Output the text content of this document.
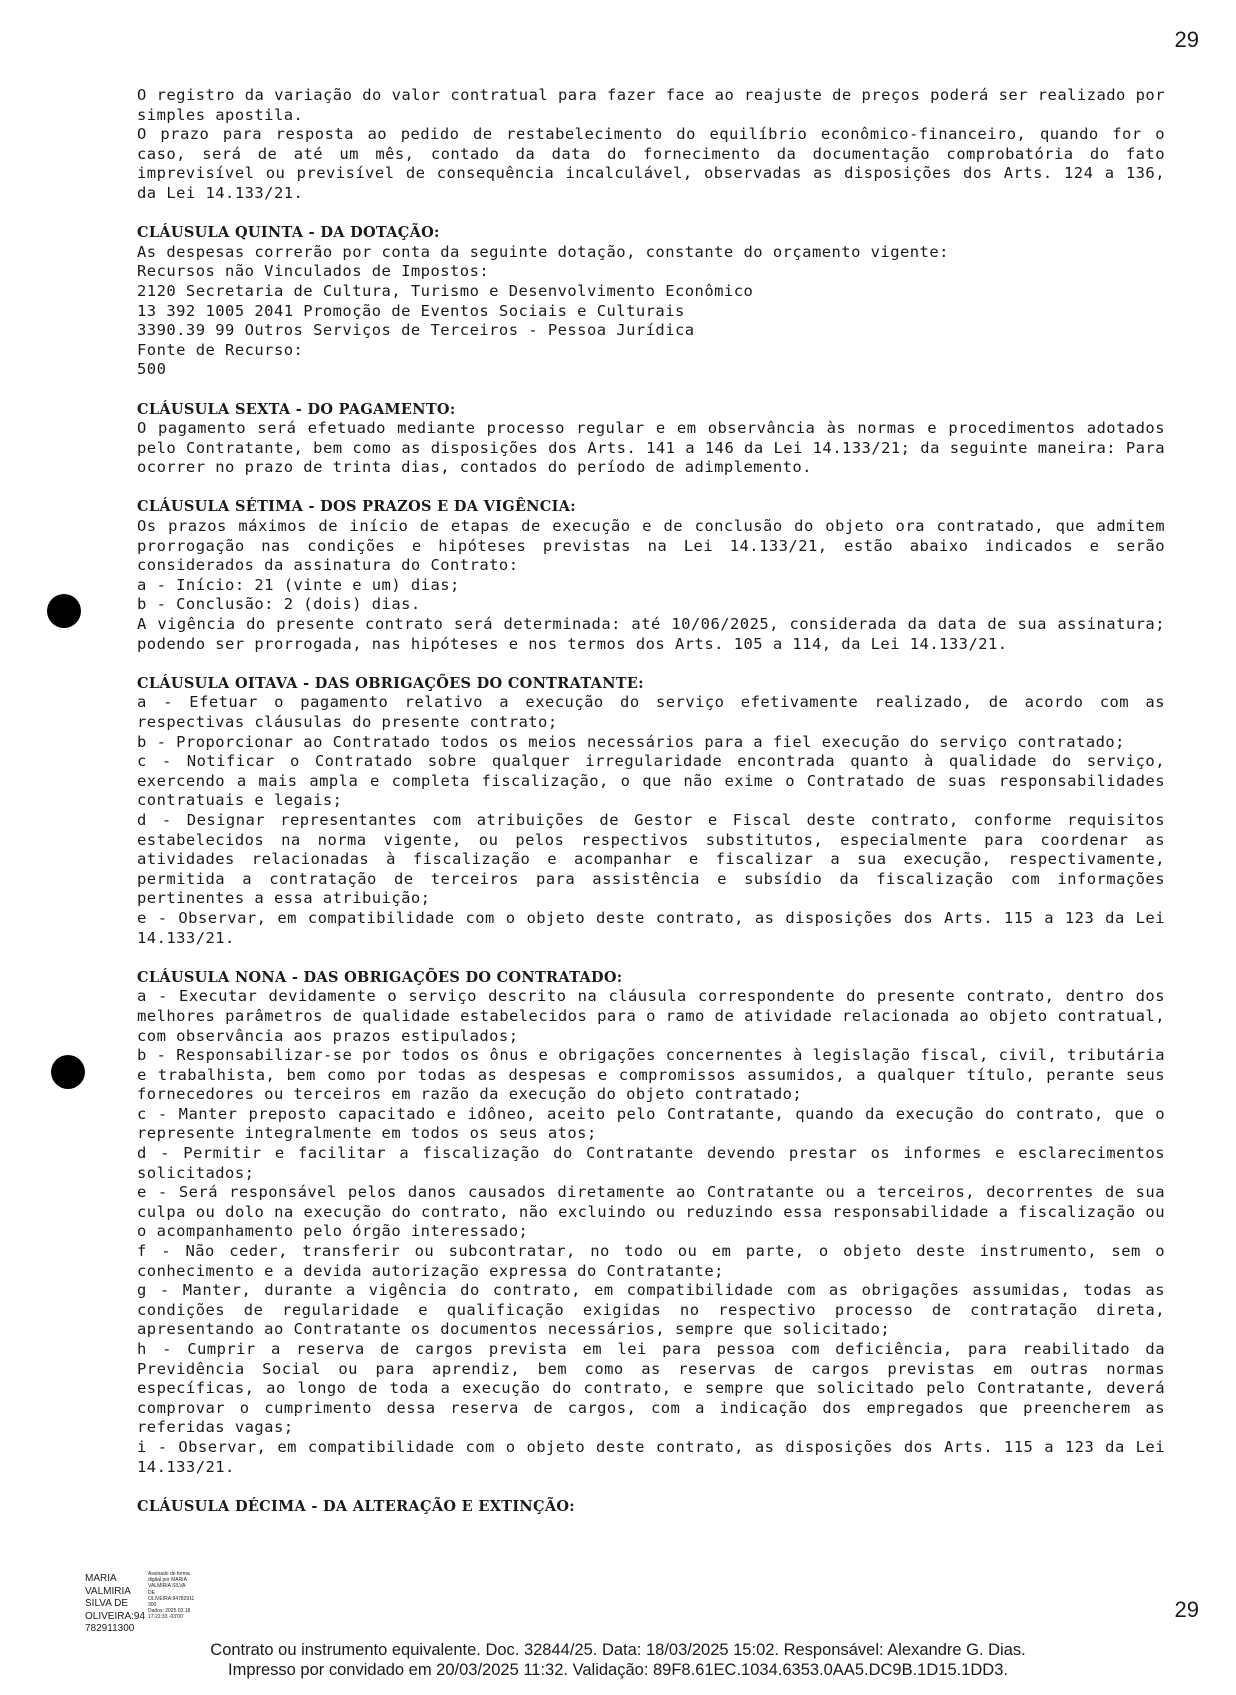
29

O registro da variação do valor contratual para fazer face ao reajuste de preços poderá ser realizado por simples apostila.

O prazo para resposta ao pedido de restabelecimento do equilíbrio econômico-financeiro, quando for o caso, será de até um mês, contado da data do fornecimento da documentação comprobatória do fato imprevisível ou previsível de consequência incalculável, observadas as disposições dos Arts. 124 a 136, da Lei 14.133/21.

CLÁUSULA QUINTA - DA DOTAÇÃO:

As despesas correrão por conta da seguinte dotação, constante do orçamento vigente:

Recursos não Vinculados de Impostos:

2120 Secretaria de Cultura, Turismo e Desenvolvimento Econômico

13 392 1005 2041 Promoção de Eventos Sociais e Culturais

3390.39 99 Outros Serviços de Terceiros - Pessoa Jurídica

Fonte de Recurso:

500

CLÁUSULA SEXTA - DO PAGAMENTO:

O pagamento será efetuado mediante processo regular e em observância às normas e procedimentos adotados pelo Contratante, bem como as disposições dos Arts. 141 a 146 da Lei 14.133/21; da seguinte maneira: Para ocorrer no prazo de trinta dias, contados do período de adimplemento.

CLÁUSULA SÉTIMA - DOS PRAZOS E DA VIGÊNCIA:

Os prazos máximos de início de etapas de execução e de conclusão do objeto ora contratado, que admitem prorrogação nas condições e hipóteses previstas na Lei 14.133/21, estão abaixo indicados e serão considerados da assinatura do Contrato:

a - Início: 21 (vinte e um) dias;

b - Conclusão: 2 (dois) dias.

A vigência do presente contrato será determinada: até 10/06/2025, considerada da data de sua assinatura; podendo ser prorrogada, nas hipóteses e nos termos dos Arts. 105 a 114, da Lei 14.133/21.

CLÁUSULA OITAVA - DAS OBRIGAÇÕES DO CONTRATANTE:

a - Efetuar o pagamento relativo a execução do serviço efetivamente realizado, de acordo com as respectivas cláusulas do presente contrato;

b - Proporcionar ao Contratado todos os meios necessários para a fiel execução do serviço contratado;

c - Notificar o Contratado sobre qualquer irregularidade encontrada quanto à qualidade do serviço, exercendo a mais ampla e completa fiscalização, o que não exime o Contratado de suas responsabilidades contratuais e legais;

d - Designar representantes com atribuições de Gestor e Fiscal deste contrato, conforme requisitos estabelecidos na norma vigente, ou pelos respectivos substitutos, especialmente para coordenar as atividades relacionadas à fiscalização e acompanhar e fiscalizar a sua execução, respectivamente, permitida a contratação de terceiros para assistência e subsídio da fiscalização com informações pertinentes a essa atribuição;

e - Observar, em compatibilidade com o objeto deste contrato, as disposições dos Arts. 115 a 123 da Lei 14.133/21.

CLÁUSULA NONA - DAS OBRIGAÇÕES DO CONTRATADO:

a - Executar devidamente o serviço descrito na cláusula correspondente do presente contrato, dentro dos melhores parâmetros de qualidade estabelecidos para o ramo de atividade relacionada ao objeto contratual, com observância aos prazos estipulados;

b - Responsabilizar-se por todos os ônus e obrigações concernentes à legislação fiscal, civil, tributária e trabalhista, bem como por todas as despesas e compromissos assumidos, a qualquer título, perante seus fornecedores ou terceiros em razão da execução do objeto contratado;

c - Manter preposto capacitado e idôneo, aceito pelo Contratante, quando da execução do contrato, que o represente integralmente em todos os seus atos;

d - Permitir e facilitar a fiscalização do Contratante devendo prestar os informes e esclarecimentos solicitados;

e - Será responsável pelos danos causados diretamente ao Contratante ou a terceiros, decorrentes de sua culpa ou dolo na execução do contrato, não excluindo ou reduzindo essa responsabilidade a fiscalização ou o acompanhamento pelo órgão interessado;

f - Não ceder, transferir ou subcontratar, no todo ou em parte, o objeto deste instrumento, sem o conhecimento e a devida autorização expressa do Contratante;

g - Manter, durante a vigência do contrato, em compatibilidade com as obrigações assumidas, todas as condições de regularidade e qualificação exigidas no respectivo processo de contratação direta, apresentando ao Contratante os documentos necessários, sempre que solicitado;

h - Cumprir a reserva de cargos prevista em lei para pessoa com deficiência, para reabilitado da Previdência Social ou para aprendiz, bem como as reservas de cargos previstas em outras normas específicas, ao longo de toda a execução do contrato, e sempre que solicitado pelo Contratante, deverá comprovar o cumprimento dessa reserva de cargos, com a indicação dos empregados que preencherem as referidas vagas;

i - Observar, em compatibilidade com o objeto deste contrato, as disposições dos Arts. 115 a 123 da Lei 14.133/21.

CLÁUSULA DÉCIMA - DA ALTERAÇÃO E EXTINÇÃO:

MARIA
VALMIRIA
SILVA DE
OLIVEIRA:94
782911300
Assinado de forma
digital por MARIA
VALMIRIA SILVA
DE
OLIVEIRA:94782911
300
Dados: 2025.03.18
17:22:33 -03'00'	29
Contrato ou instrumento equivalente. Doc. 32844/25. Data: 18/03/2025 15:02. Responsável: Alexandre G. Dias.
Impresso por convidado em 20/03/2025 11:32. Validação: 89F8.61EC.1034.6353.0AA5.DC9B.1D15.1DD3.
